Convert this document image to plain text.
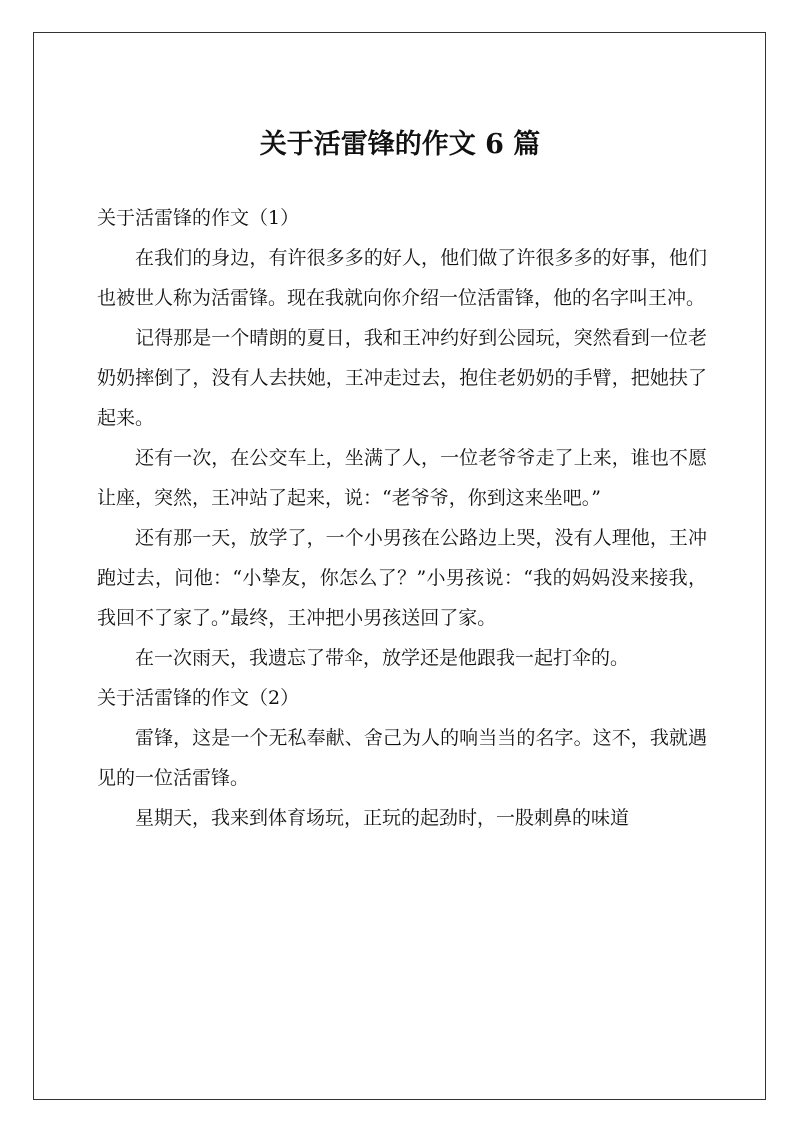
关于活雷锋的作文 6 篇

关于活雷锋的作文（1）

在我们的身边，有许很多多的好人，他们做了许很多多的好事，他们也被世人称为活雷锋。现在我就向你介绍一位活雷锋，他的名字叫王冲。

记得那是一个晴朗的夏日，我和王冲约好到公园玩，突然看到一位老奶奶摔倒了，没有人去扶她，王冲走过去，抱住老奶奶的手臂，把她扶了起来。

还有一次，在公交车上，坐满了人，一位老爷爷走了上来，谁也不愿让座，突然，王冲站了起来，说：“老爷爷，你到这来坐吧。”

还有那一天，放学了，一个小男孩在公路边上哭，没有人理他，王冲跑过去，问他：“小挚友，你怎么了？”小男孩说：“我的妈妈没来接我，我回不了家了。”最终，王冲把小男孩送回了家。

在一次雨天，我遗忘了带伞，放学还是他跟我一起打伞的。

关于活雷锋的作文（2）

雷锋，这是一个无私奉献、舍己为人的响当当的名字。这不，我就遇见的一位活雷锋。

星期天，我来到体育场玩，正玩的起劲时，一股刺鼻的味道
